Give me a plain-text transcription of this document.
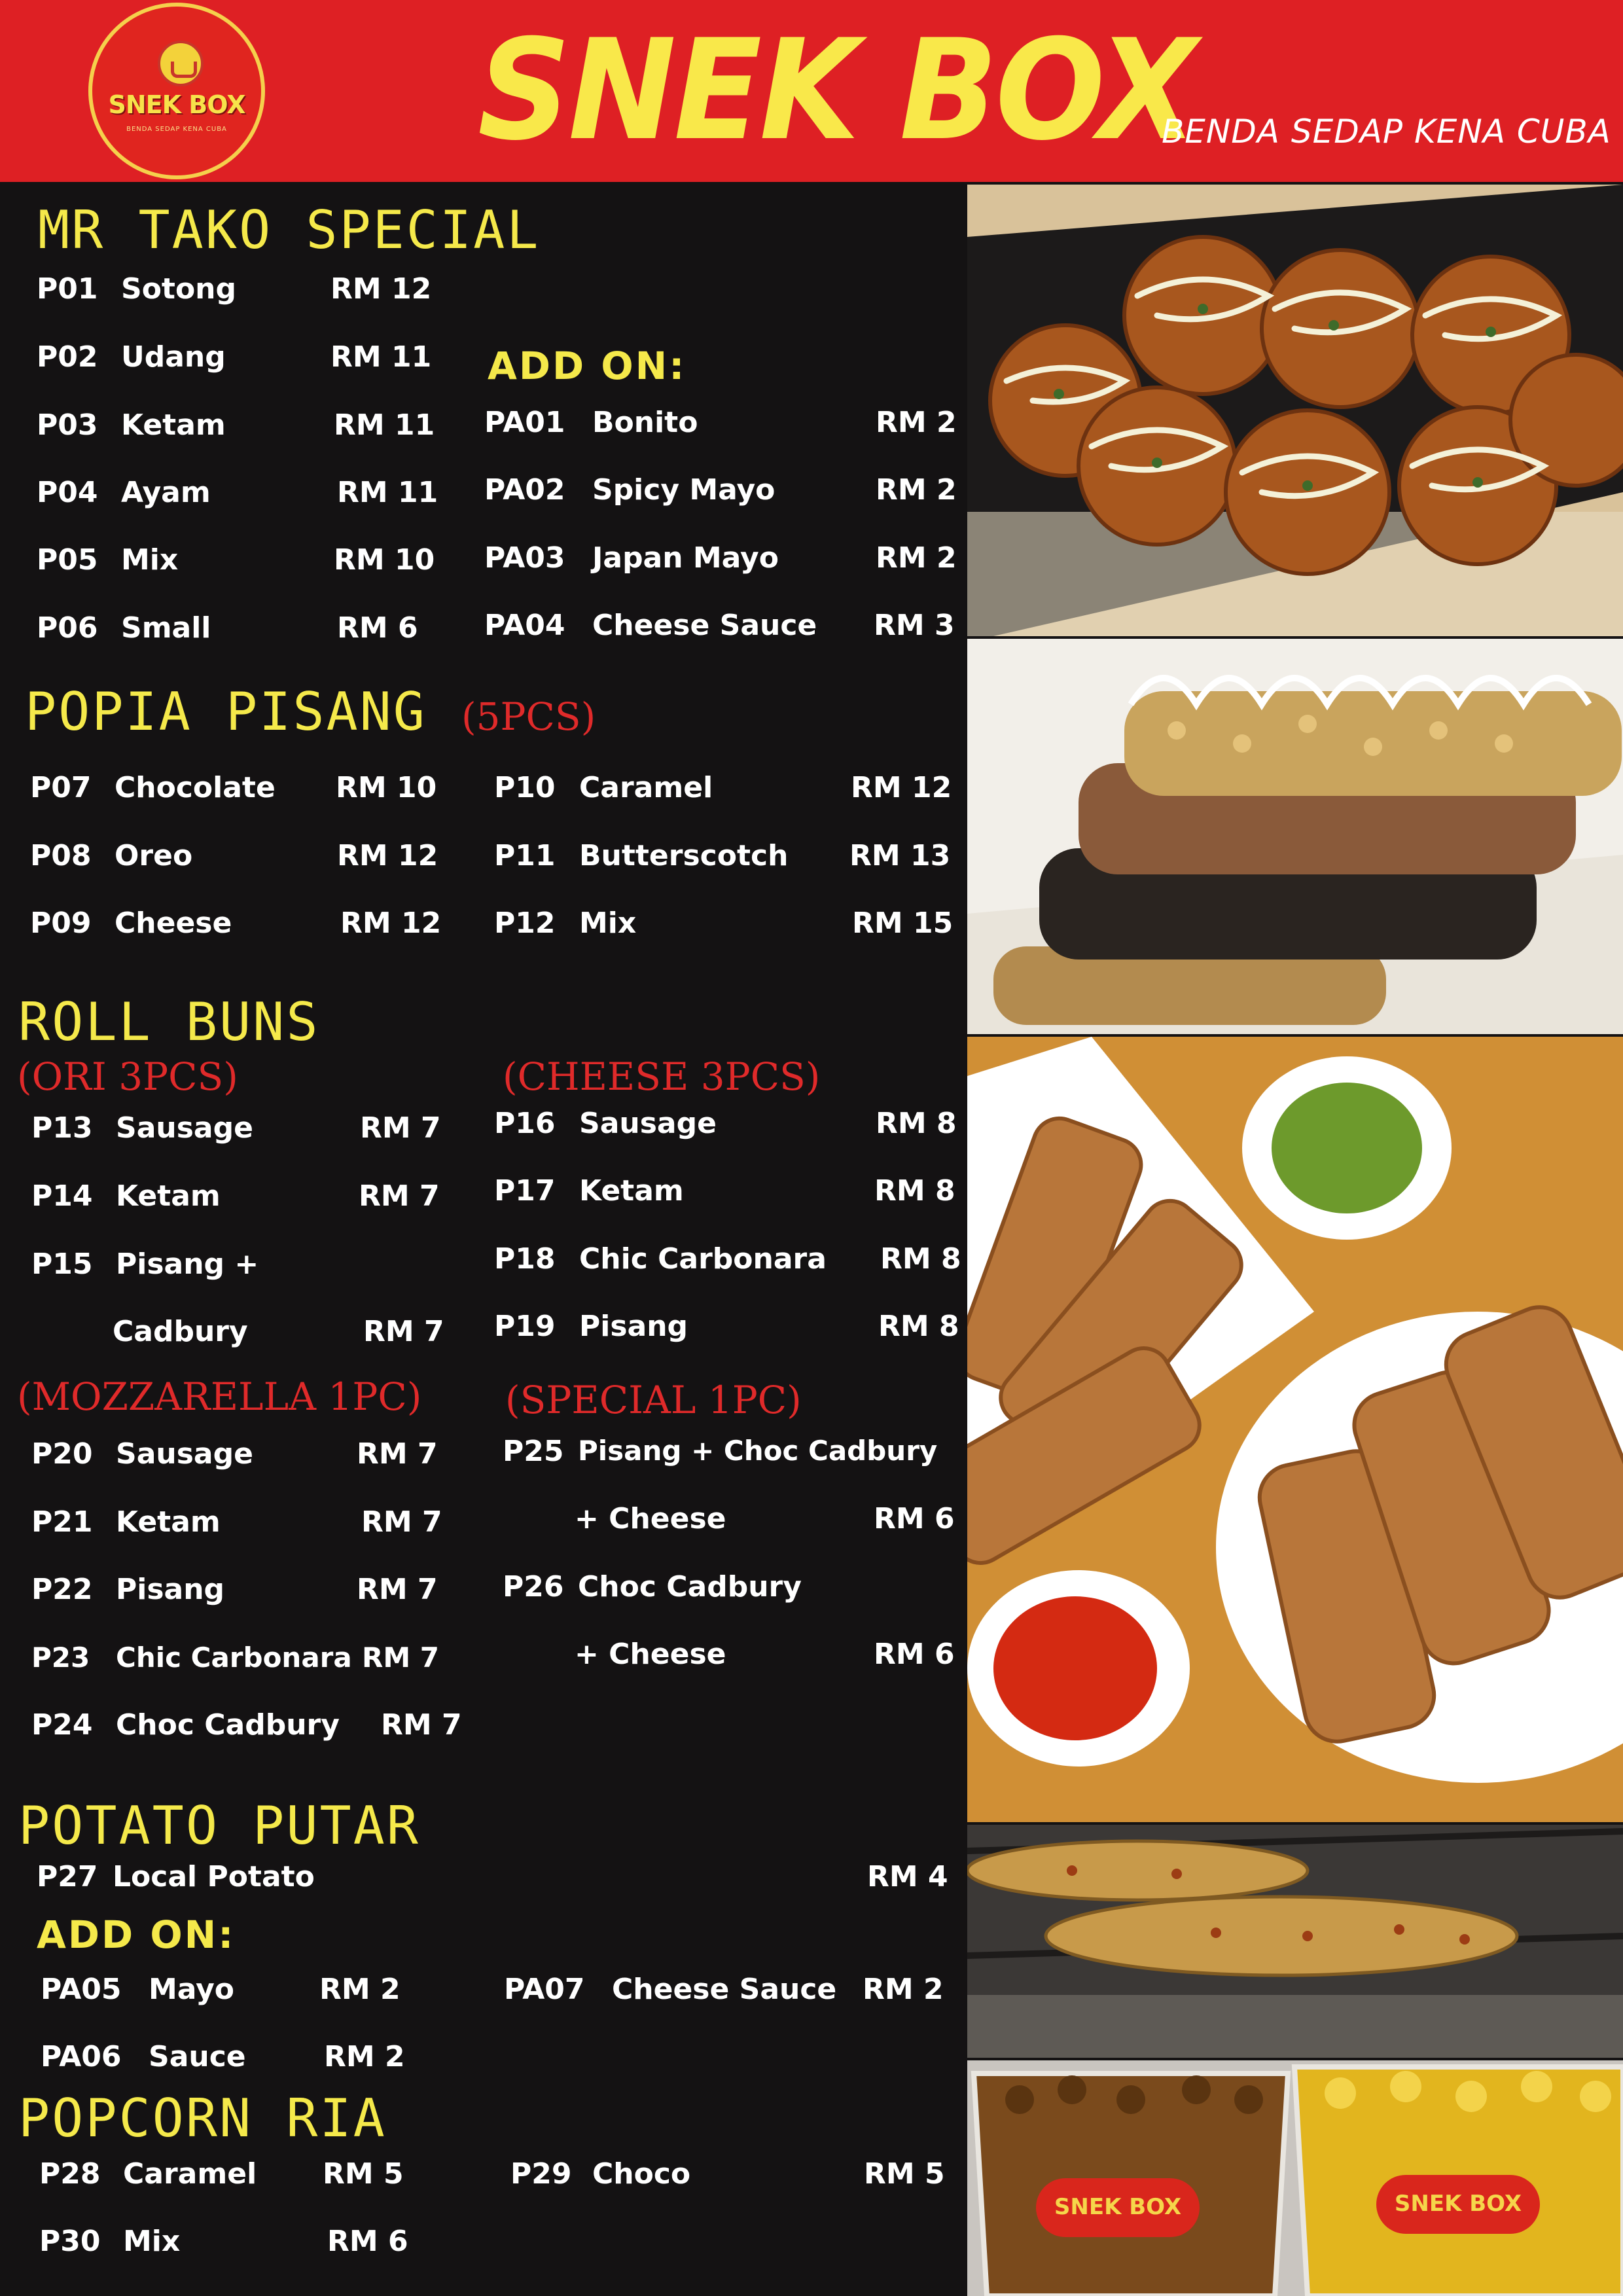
SNEK BOX
BENDA SEDAP KENA CUBA SNEK BOX
BENDA SEDAP KENA CUBA
MR TAKO SPECIAL
P01 Sotong	RM 12
P02 Udang	RM 11
P03 Ketam	RM 11
P04 Ayam	RM 11
P05 Mix	RM 10
P06 Small	RM 6
ADD ON:
PA01 Bonito	RM 2
PA02 Spicy Mayo	RM 2
PA03 Japan Mayo	RM 2
PA04 Cheese Sauce RM 3
POPIA PISANG (5PCS)
P07 Chocolate RM 10
P08 Oreo	RM 12
P09 Cheese	RM 12
P10 Caramel	RM 12
P11 Butterscotch RM 13
P12 Mix	RM 15
ROLL BUNS
(ORI 3PCS)	(CHEESE 3PCS)
P13 Sausage	RM 7
P14 Ketam	RM 7
P15 Pisang +
Cadbury	RM 7
P16 Sausage	RM 8
P17 Ketam	RM 8
P18 Chic Carbonara RM 8
P19 Pisang	RM 8
(MOZZARELLA 1PC) (SPECIAL 1PC)
P20 Sausage	RM 7
P21 Ketam	RM 7
P22 Pisang	RM 7
P23 Chic Carbonara RM 7
P24 Choc Cadbury RM 7
P25 Pisang + Choc Cadbury
+ Cheese	RM 6
P26 Choc Cadbury
+ Cheese	RM 6
POTATO PUTAR
P27 Local Potato	RM 4
ADD ON:
PA05 Mayo	RM 2
PA06 Sauce	RM 2
PA07 Cheese Sauce RM 2
POPCORN RIA
P28 Caramel RM 5	P29 Choco	RM 5
P30 Mix	RM 6
SNEK BOX	SNEK BOX
